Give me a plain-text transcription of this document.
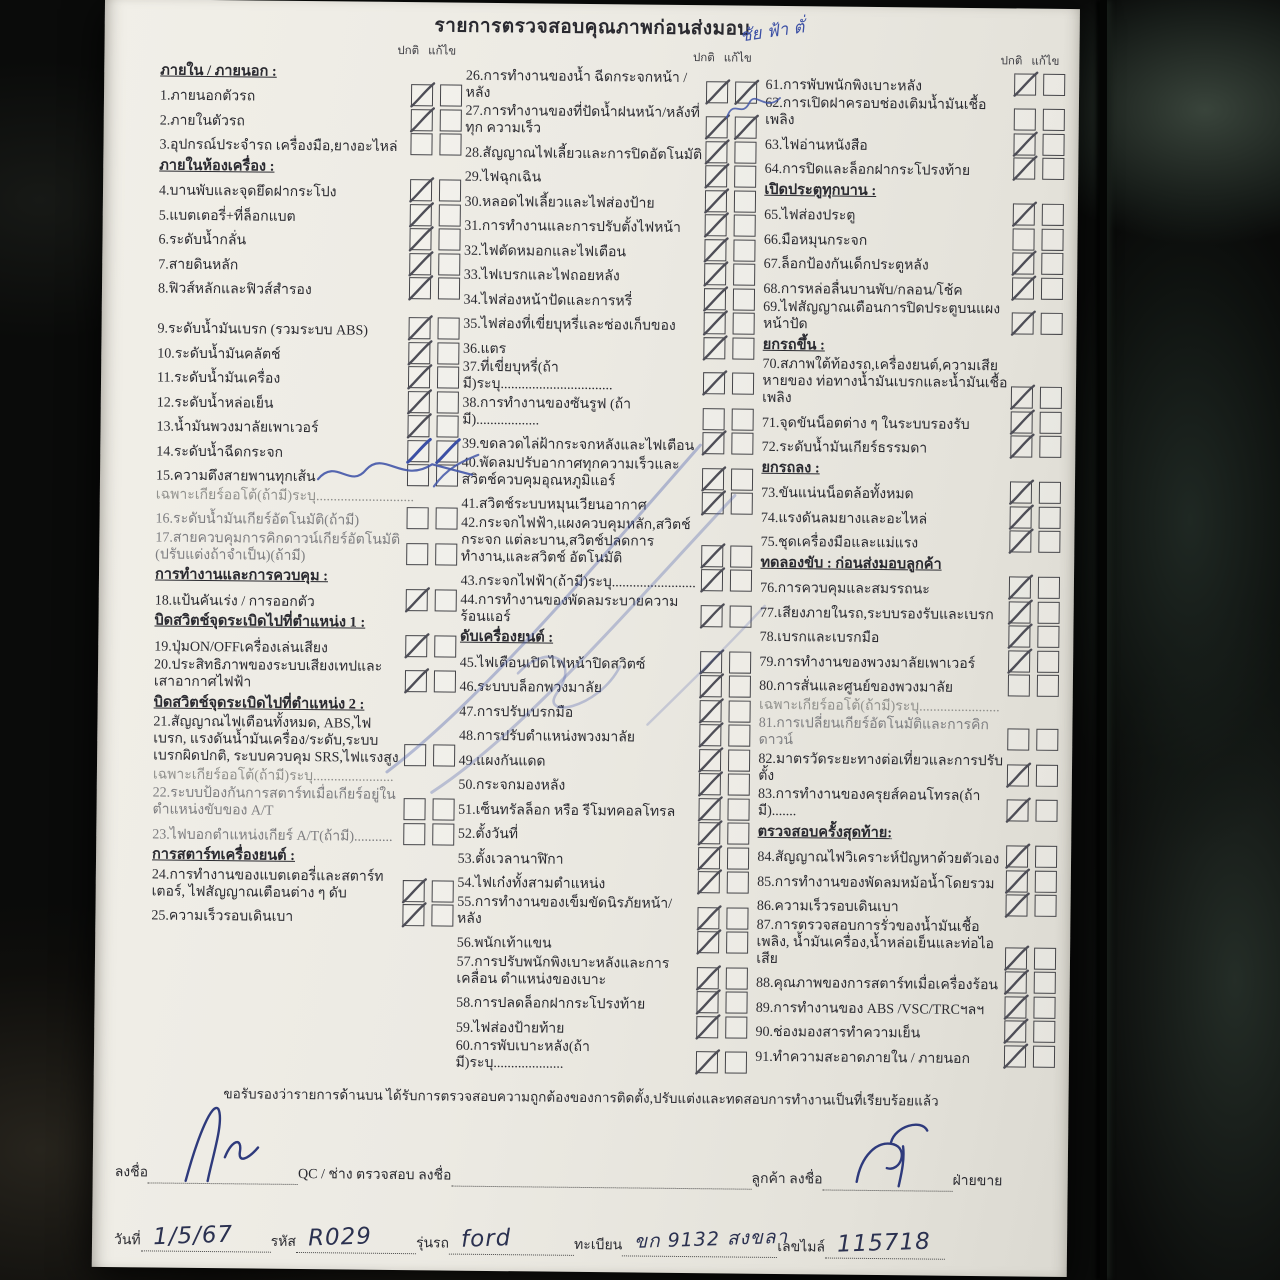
รายการตรวจสอบคุณภาพก่อนส่งมอบ
ปกติ แก้ไข
ภายใน / ภายนอก :
1.ภายนอกตัวรถ
2.ภายในตัวรถ
3.อุปกรณ์ประจำรถ เครื่องมือ,ยางอะไหล่
ภายในห้องเครื่อง :
4.บานพับและจุดยึดฝากระโปง
5.แบตเตอรี่+ที่ล็อกแบต
6.ระดับน้ำกลั่น
7.สายดินหลัก
8.ฟิวส์หลักและฟิวส์สำรอง
9.ระดับน้ำมันเบรก (รวมระบบ ABS)
10.ระดับน้ำมันคลัตช์
11.ระดับน้ำมันเครื่อง
12.ระดับน้ำหล่อเย็น
13.น้ำมันพวงมาลัยเพาเวอร์
14.ระดับน้ำฉีดกระจก
15.ความตึงสายพานทุกเส้น
เฉพาะเกียร์ออโต้(ถ้ามี)ระบุ............................
16.ระดับน้ำมันเกียร์อัตโนมัติ(ถ้ามี)
17.สายควบคุมการคิกดาวน์เกียร์อัตโนมัติ (ปรับแต่งถ้าจำเป็น)(ถ้ามี)
การทำงานและการควบคุม :
18.แป้นคันเร่ง / การออกตัว
บิดสวิตช์จุดระเบิดไปที่ตำแหน่ง 1 :
19.ปุ่มON/OFFเครื่องเล่นเสียง
20.ประสิทธิภาพของระบบเสียงเทปและเสาอากาศไฟฟ้า
บิดสวิตช์จุดระเบิดไปที่ตำแหน่ง 2 :
21.สัญญาณไฟเตือนทั้งหมด, ABS,ไฟเบรก, แรงดันน้ำมันเครื่อง/ระดับ,ระบบเบรกผิดปกติ, ระบบควบคุม SRS,ไฟแรงสูง
เฉพาะเกียร์ออโต้(ถ้ามี)ระบุ.......................
22.ระบบป้องกันการสตาร์ทเมื่อเกียร์อยู่ใน ตำแหน่งขับของ A/T
23.ไฟบอกตำแหน่งเกียร์ A/T(ถ้ามี)...........
การสตาร์ทเครื่องยนต์ :
24.การทำงานของแบตเตอรี่และสตาร์ทเตอร์, ไฟสัญญาณเตือนต่าง ๆ ดับ
25.ความเร็วรอบเดินเบา
ปกติ แก้ไข
26.การทำงานของน้ำ ฉีดกระจกหน้า / หลัง
27.การทำงานของที่ปัดน้ำฝนหน้า/หลังที่ทุก ความเร็ว
28.สัญญาณไฟเลี้ยวและการปิดอัตโนมัติ
29.ไฟฉุกเฉิน
30.หลอดไฟเลี้ยวและไฟส่องป้าย
31.การทำงานและการปรับตั้งไฟหน้า
32.ไฟตัดหมอกและไฟเตือน
33.ไฟเบรกและไฟถอยหลัง
34.ไฟส่องหน้าปัดและการหรี่
35.ไฟส่องที่เขี่ยบุหรี่และช่องเก็บของ
36.แตร
37.ที่เขี่ยบุหรี่(ถ้ามี)ระบุ................................
38.การทำงานของซันรูฟ (ถ้ามี)..................
39.ขดลวดไล่ฝ้ากระจกหลังและไฟเตือน
40.พัดลมปรับอากาศทุกความเร็วและ สวิตช์ควบคุมอุณหภูมิแอร์
41.สวิตช์ระบบหมุนเวียนอากาศ
42.กระจกไฟฟ้า,แผงควบคุมหลัก,สวิตช์กระจก แต่ละบาน,สวิตช์ปลดการทำงาน,และสวิตช์ อัตโนมัติ
43.กระจกไฟฟ้า(ถ้ามี)ระบุ........................
44.การทำงานของพัดลมระบายความร้อนแอร์
ดับเครื่องยนต์ :
45.ไฟเตือนเปิดไฟหน้าปิดสวิตซ์
46.ระบบบล็อกพวงมาลัย
47.การปรับเบรกมือ
48.การปรับตำแหน่งพวงมาลัย
49.แผงกันแดด
50.กระจกมองหลัง
51.เซ็นทรัลล็อก หรือ รีโมทคอลโทรล
52.ตั้งวันที่
53.ตั้งเวลานาฬิกา
54.ไฟเก๋งทั้งสามตำแหน่ง
55.การทำงานของเข็มขัดนิรภัยหน้า/หลัง
56.พนักเท้าแขน
57.การปรับพนักพิงเบาะหลังและการเคลื่อน ตำแหน่งของเบาะ
58.การปลดล็อกฝากระโปรงท้าย
59.ไฟส่องป้ายท้าย
60.การพับเบาะหลัง(ถ้ามี)ระบุ....................
ปกติ แก้ไข
61.การพับพนักพิงเบาะหลัง
62.การเปิดฝาครอบช่องเติมน้ำมันเชื้อเพลิง
63.ไฟอ่านหนังสือ
64.การปิดและล็อกฝากระโปรงท้าย
เปิดประตูทุกบาน :
65.ไฟส่องประตู
66.มือหมุนกระจก
67.ล็อกป้องกันเด็กประตูหลัง
68.การหล่อลื่นบานพับ/กลอน/โช้ค
69.ไฟสัญญาณเตือนการปิดประตูบนแผงหน้าปัด
ยกรถขึ้น :
70.สภาพใต้ท้องรถ,เครื่องยนต์,ความเสียหายของ ท่อทางน้ำมันเบรกและน้ำมันเชื้อเพลิง
71.จุดขันน็อตต่าง ๆ ในระบบรองรับ
72.ระดับน้ำมันเกียร์ธรรมดา
ยกรถลง :
73.ขันแน่นน็อตล้อทั้งหมด
74.แรงดันลมยางและอะไหล่
75.ชุดเครื่องมือและแม่แรง
ทดลองขับ : ก่อนส่งมอบลูกค้า
76.การควบคุมและสมรรถนะ
77.เสียงภายในรถ,ระบบรองรับและเบรก
78.เบรกและเบรกมือ
79.การทำงานของพวงมาลัยเพาเวอร์
80.การสั่นและศูนย์ของพวงมาลัย
เฉพาะเกียร์ออโต้(ถ้ามี)ระบุ.......................
81.การเปลี่ยนเกียร์อัตโนมัติและการคิกดาวน์
82.มาตรวัดระยะทางต่อเที่ยวและการปรับตั้ง
83.การทำงานของครุยส์คอนโทรล(ถ้ามี).......
ตรวจสอบครั้งสุดท้าย:
84.สัญญาณไฟวิเคราะห์ปัญหาด้วยตัวเอง
85.การทำงานของพัดลมหม้อน้ำโดยรวม
86.ความเร็วรอบเดินเบา
87.การตรวจสอบการรั่วของน้ำมันเชื้อเพลิง, น้ำมันเครื่อง,น้ำหล่อเย็นและท่อไอเสีย
88.คุณภาพของการสตาร์ทเมื่อเครื่องร้อน
89.การทำงานของ ABS /VSC/TRCฯลฯ
90.ช่องมองสารทำความเย็น
91.ทำความสะอาดภายใน / ภายนอก
ขอรับรองว่ารายการด้านบน ได้รับการตรวจสอบความถูกต้องของการติดตั้ง,ปรับแต่งและทดสอบการทำงานเป็นที่เรียบร้อยแล้ว
ลงชื่อ	QC / ช่าง ตรวจสอบ ลงชื่อ	ลูกค้า ลงชื่อ	ฝ่ายขาย
วันที่ 1/5/67	รหัส R029	รุ่นรถ ford	ทะเบียน ขก 9132 สงขลา
เลขไมล์ 115718
ชัย ฟ้า ตั่
